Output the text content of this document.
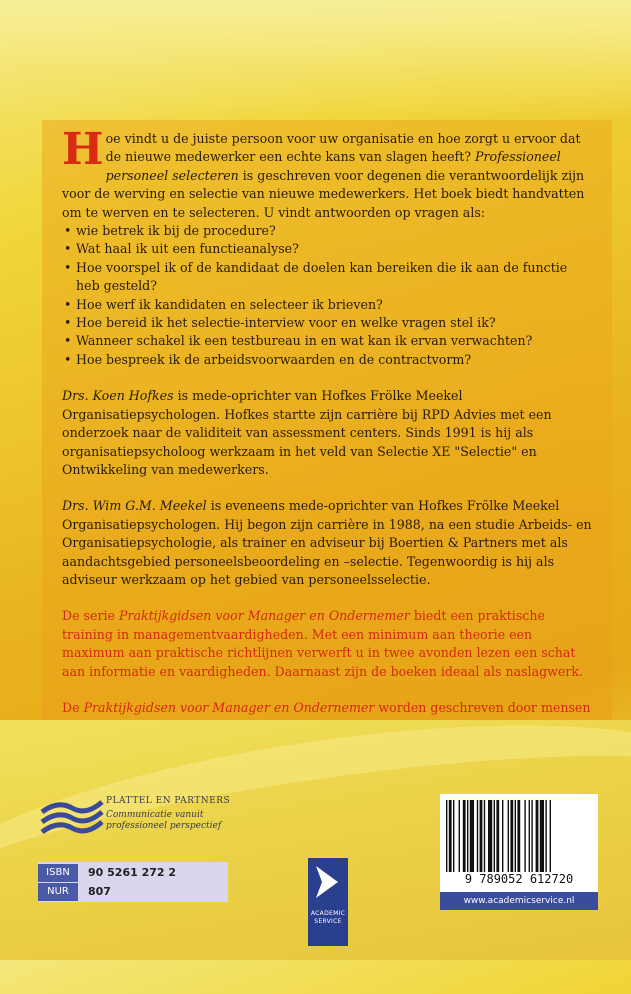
Hoe vindt u de juiste persoon voor uw organisatie en hoe zorgt u ervoor dat de nieuwe medewerker een echte kans van slagen heeft? Professioneel personeel selecteren is geschreven voor degenen die verantwoordelijk zijn voor de werving en selectie van nieuwe medewerkers. Het boek biedt handvatten om te werven en te selecteren. U vindt antwoorden op vragen als:

• wie betrek ik bij de procedure?
• Wat haal ik uit een functieanalyse?
• Hoe voorspel ik of de kandidaat de doelen kan bereiken die ik aan de functie heb gesteld?
• Hoe werf ik kandidaten en selecteer ik brieven?
• Hoe bereid ik het selectie-interview voor en welke vragen stel ik?
• Wanneer schakel ik een testbureau in en wat kan ik ervan verwachten?
• Hoe bespreek ik de arbeidsvoorwaarden en de contractvorm?

Drs. Koen Hofkes is mede-oprichter van Hofkes Frölke Meekel Organisatiepsychologen. Hofkes startte zijn carrière bij RPD Advies met een onderzoek naar de validiteit van assessment centers. Sinds 1991 is hij als organisatiepsycholoog werkzaam in het veld van Selectie XE "Selectie" en Ontwikkeling van medewerkers.

Drs. Wim G.M. Meekel is eveneens mede-oprichter van Hofkes Frölke Meekel Organisatiepsychologen. Hij begon zijn carrière in 1988, na een studie Arbeids- en Organisatiepsychologie, als trainer en adviseur bij Boertien & Partners met als aandachtsgebied personeelsbeoordeling en –selectie. Tegenwoordig is hij als adviseur werkzaam op het gebied van personeelsselectie.

De serie Praktijkgidsen voor Manager en Ondernemer biedt een praktische training in managementvaardigheden. Met een minimum aan theorie een maximum aan praktische richtlijnen verwerft u in twee avonden lezen een schat aan informatie en vaardigheden. Daarnaast zijn de boeken ideaal als naslagwerk.

De Praktijkgidsen voor Manager en Ondernemer worden geschreven door mensen

PLATTEL EN PARTNERS
Communicatie vanuit professioneel perspectief
ISBN	90 5261 272 2
NUR	807
ACADEMIC SERVICE
9 789052 612720
www.academicservice.nl
